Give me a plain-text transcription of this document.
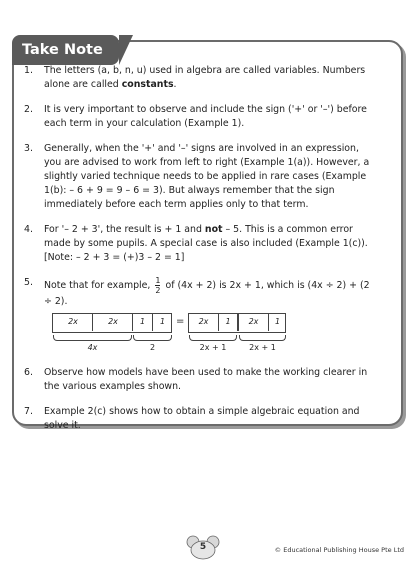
Take Note
1. The letters (a, b, n, u) used in algebra are called variables. Numbers alone are called constants.
2. It is very important to observe and include the sign ('+' or '–') before each term in your calculation (Example 1).
3. Generally, when the '+' and '–' signs are involved in an expression, you are advised to work from left to right (Example 1(a)). However, a slightly varied technique needs to be applied in rare cases (Example 1(b): – 6 + 9 = 9 – 6 = 3). But always remember that the sign immediately before each term applies only to that term.
4. For '– 2 + 3', the result is + 1 and not – 5. This is a common error made by some pupils. A special case is also included (Example 1(c)). [Note: – 2 + 3 = (+)3 – 2 = 1]
5. Note that for example, $\frac{1}{2}$ of (4x + 2) is 2x + 1, which is (4x ÷ 2) + (2 ÷ 2).
2x	2x	1	1	=	2x	1	2x	1
4x	2	2x + 1	2x + 1
6. Observe how models have been used to make the working clearer in the various examples shown.
7. Example 2(c) shows how to obtain a simple algebraic equation and solve it.
5	© Educational Publishing House Pte Ltd
